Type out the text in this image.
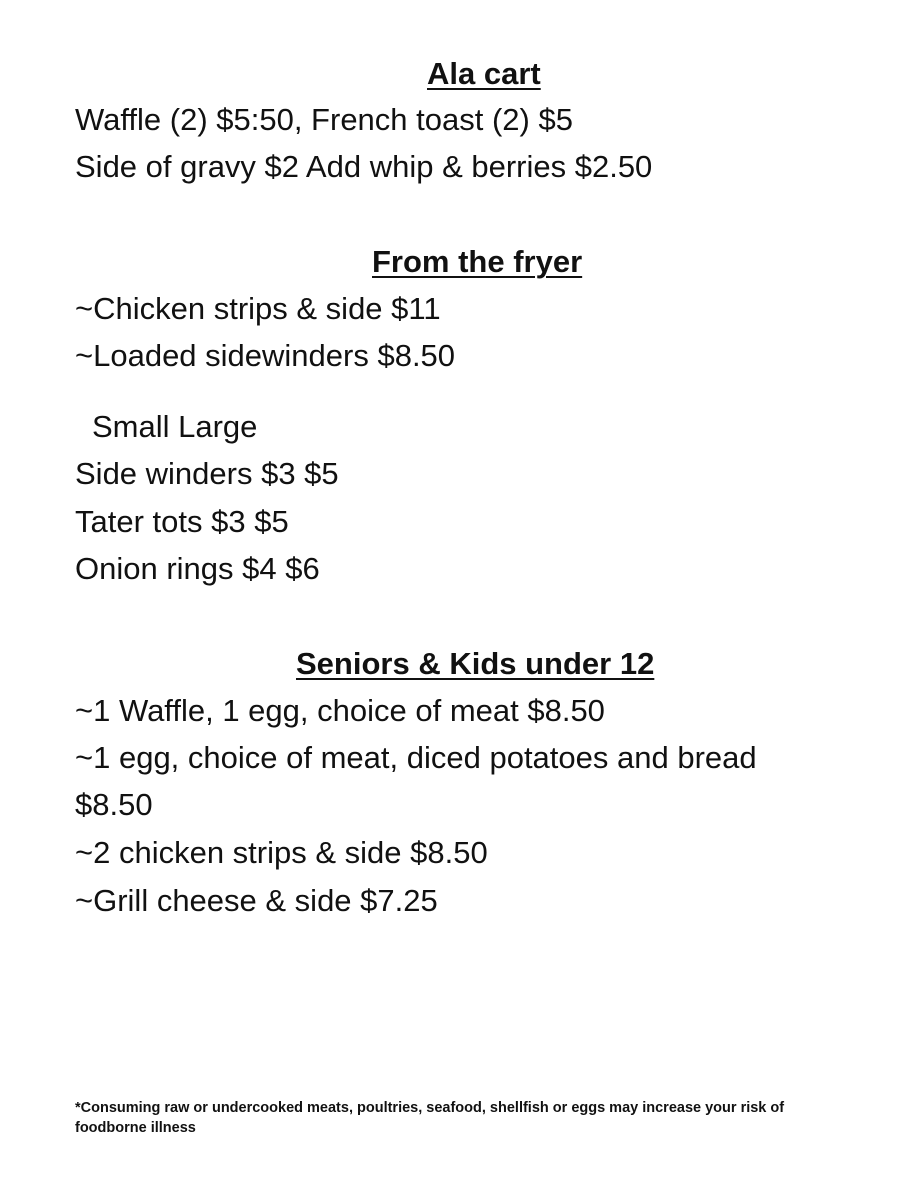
Ala cart
Waffle (2) $5:50, French toast (2) $5
Side of gravy $2 Add whip & berries $2.50
From the fryer
~Chicken strips & side $11
~Loaded sidewinders $8.50
Small Large
Side winders $3 $5
Tater tots $3 $5
Onion rings $4 $6
Seniors & Kids under 12
~1 Waffle, 1 egg, choice of meat $8.50
~1 egg, choice of meat, diced potatoes and bread
$8.50
~2 chicken strips & side $8.50
~Grill cheese & side $7.25
*Consuming raw or undercooked meats, poultries, seafood, shellfish or eggs may increase your risk of foodborne illness
